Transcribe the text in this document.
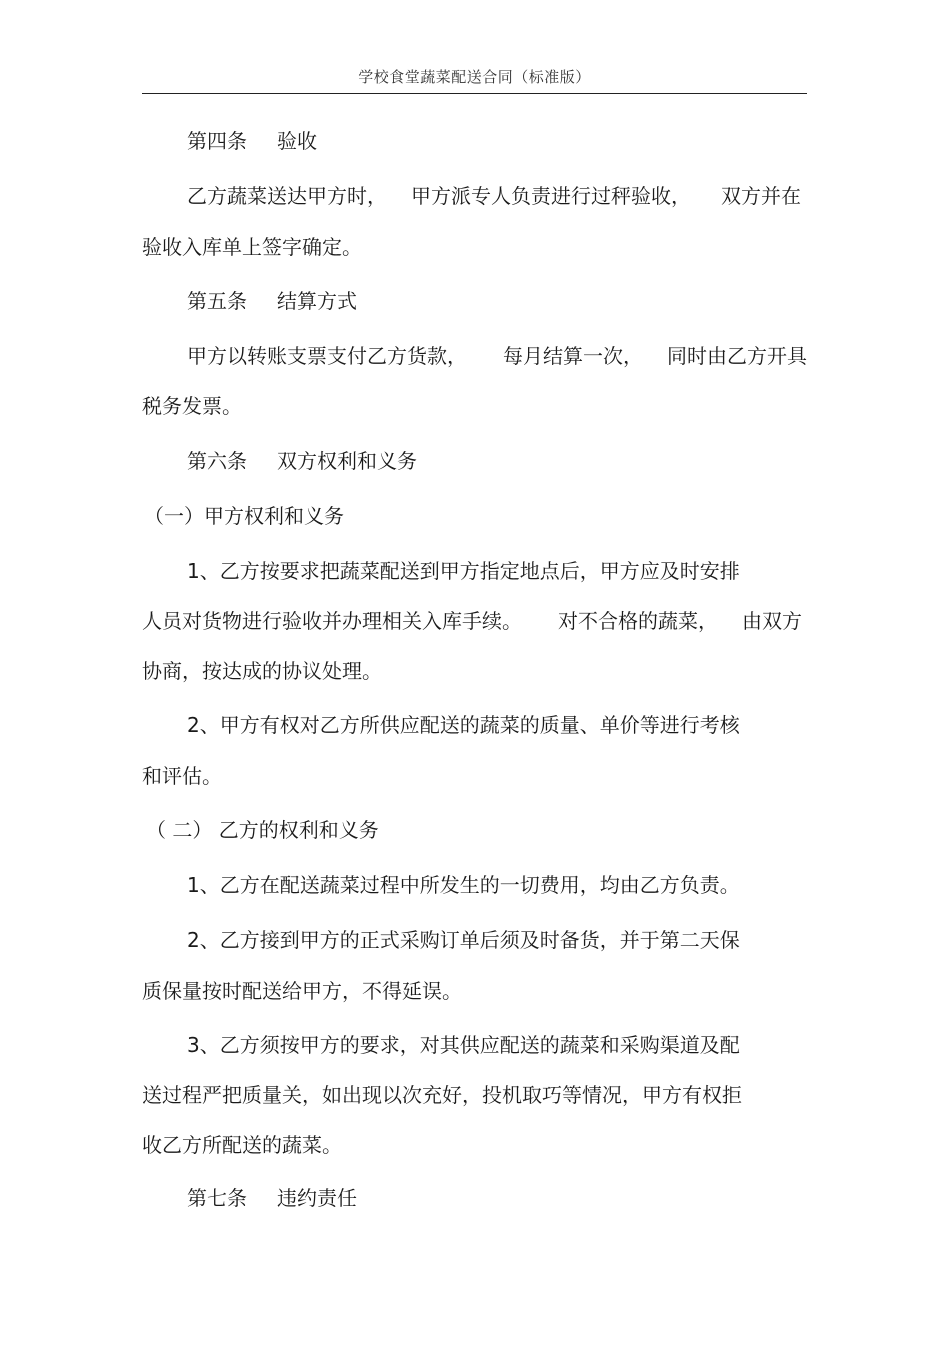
学校食堂蔬菜配送合同（标准版）
第四条 验收
乙方蔬菜送达甲方时， 甲方派专人负责进行过秤验收， 双方并在
验收入库单上签字确定。
第五条 结算方式
甲方以转账支票支付乙方货款， 每月结算一次， 同时由乙方开具
税务发票。
第六条 双方权利和义务
（一）甲方权利和义务
1、乙方按要求把蔬菜配送到甲方指定地点后，甲方应及时安排
人员对货物进行验收并办理相关入库手续。 对不合格的蔬菜， 由双方
协商，按达成的协议处理。
2、甲方有权对乙方所供应配送的蔬菜的质量、单价等进行考核
和评估。
（ 二） 乙方的权利和义务
1、乙方在配送蔬菜过程中所发生的一切费用，均由乙方负责。
2、乙方接到甲方的正式采购订单后须及时备货，并于第二天保
质保量按时配送给甲方，不得延误。
3、乙方须按甲方的要求，对其供应配送的蔬菜和采购渠道及配
送过程严把质量关，如出现以次充好，投机取巧等情况，甲方有权拒
收乙方所配送的蔬菜。
第七条 违约责任
